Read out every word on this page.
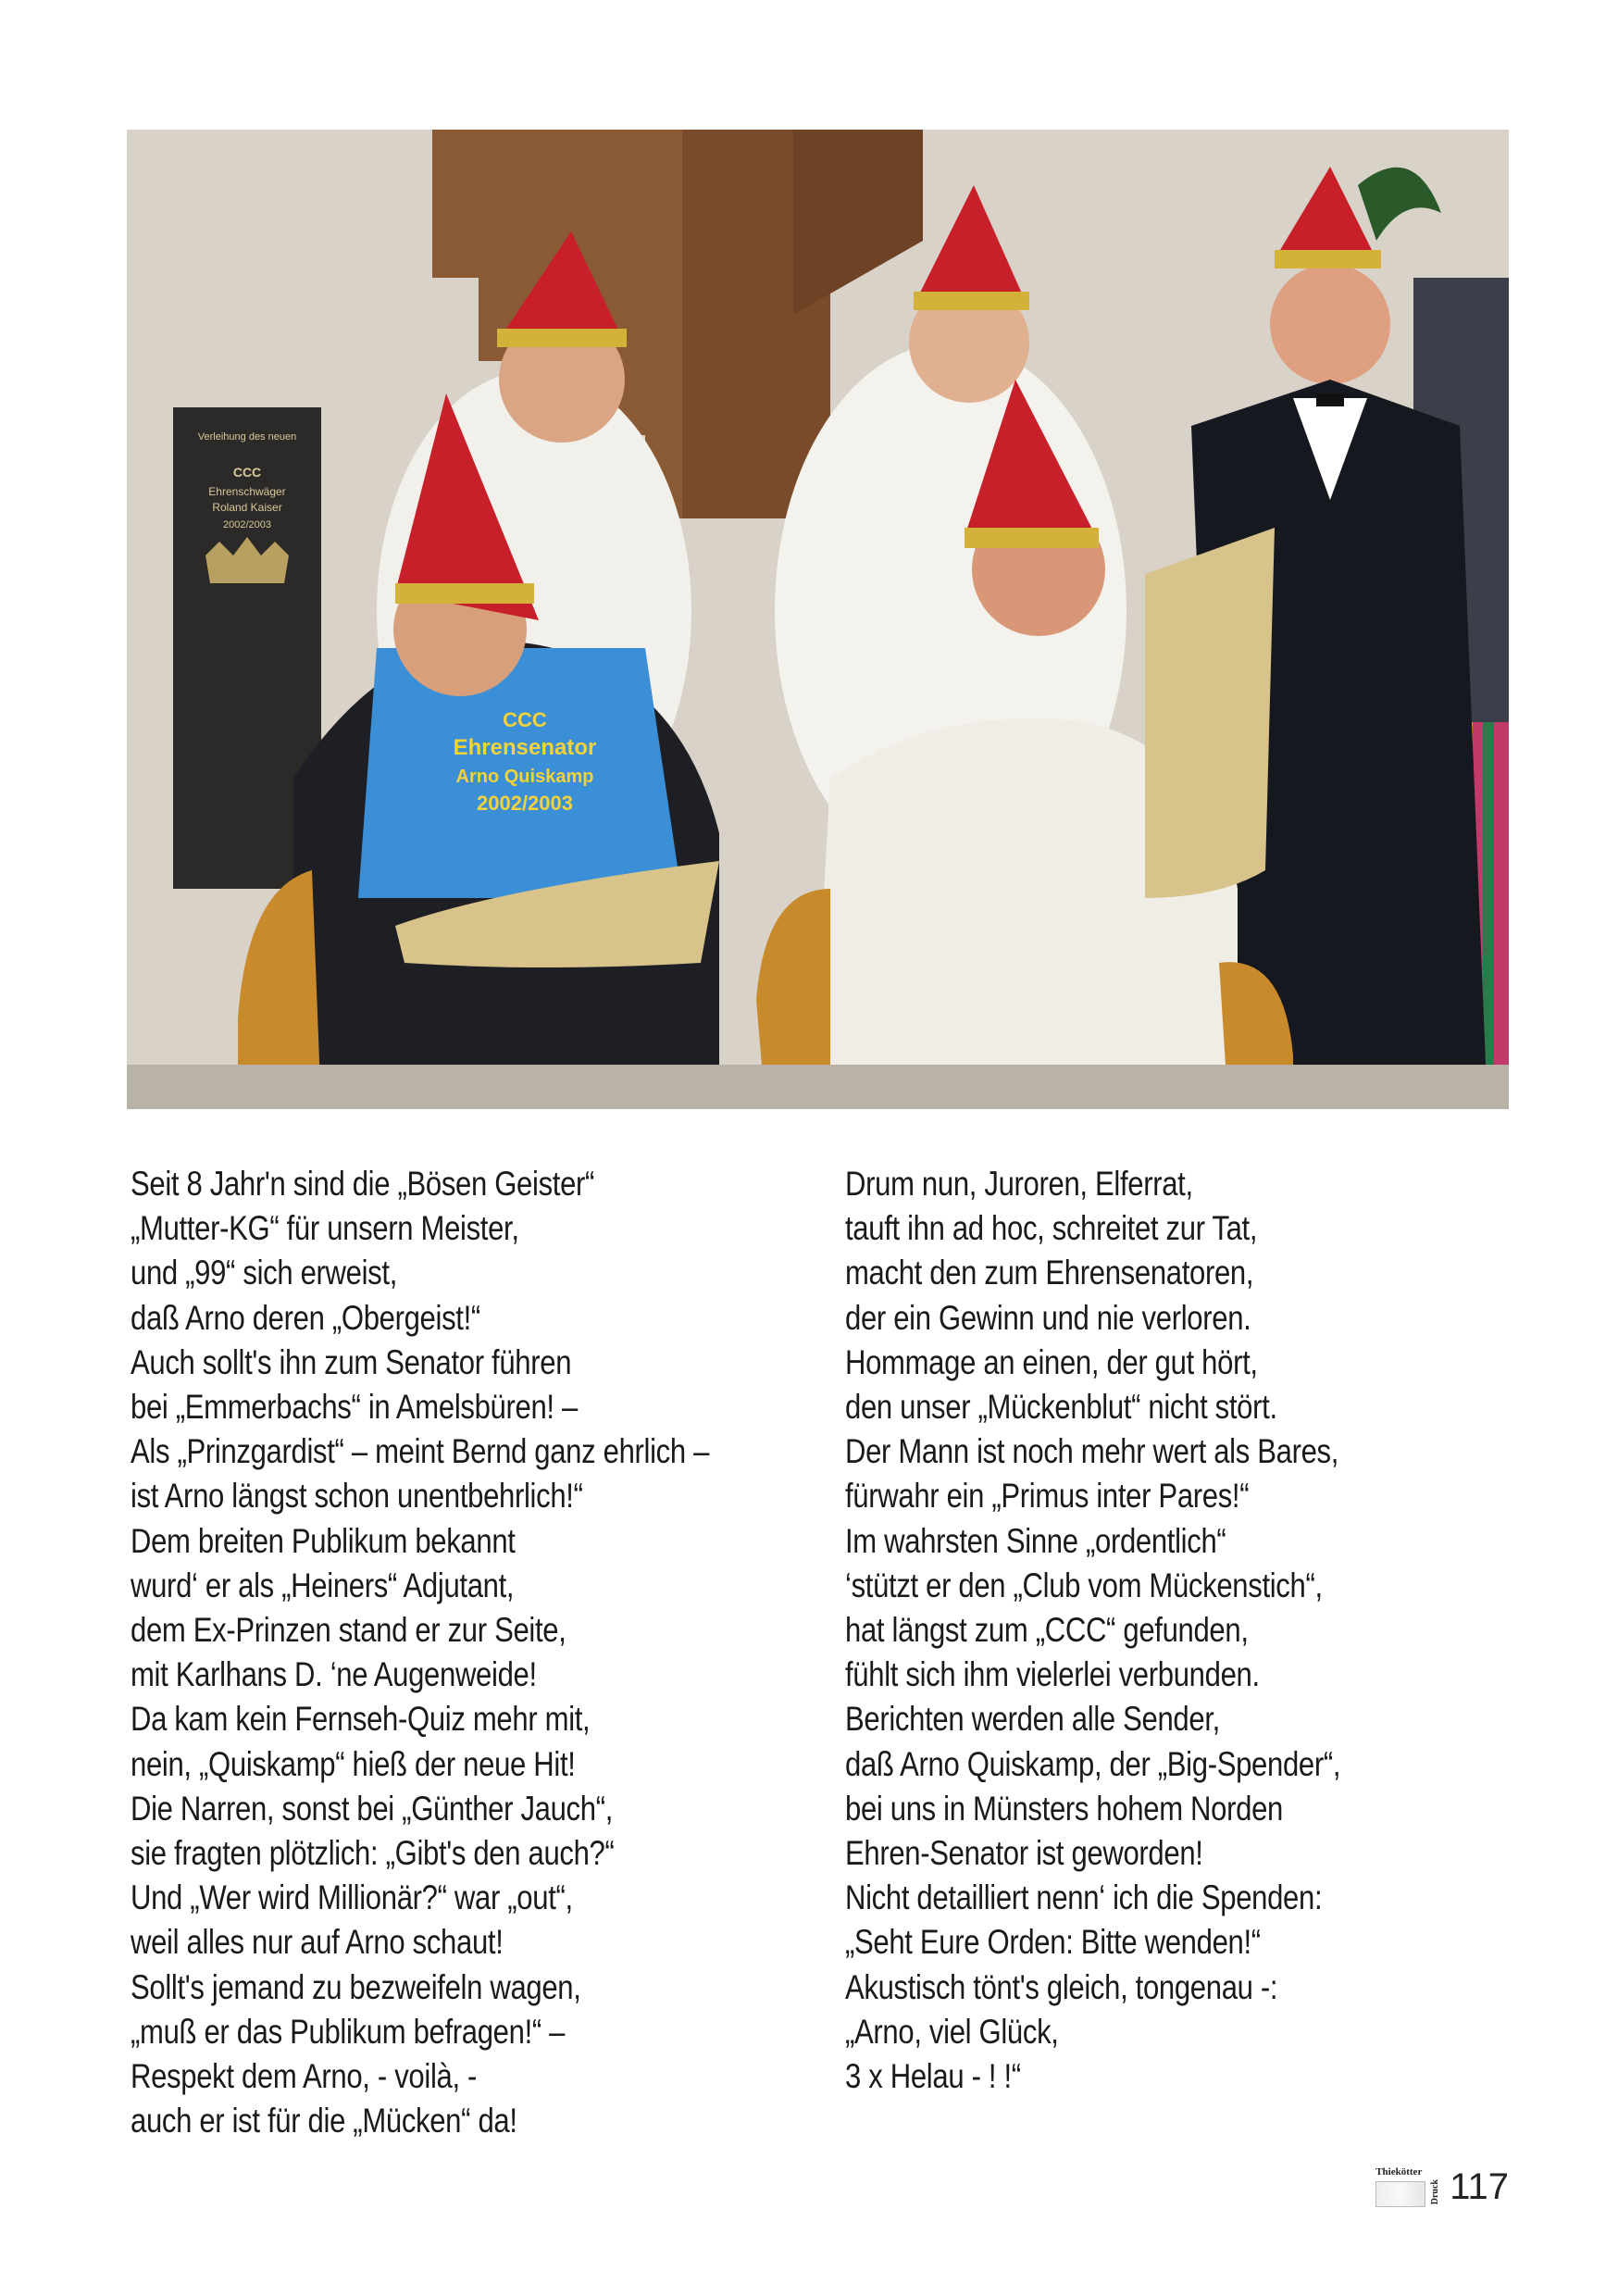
Verleihung des neuen
CCC
Ehrenschwäger
Roland Kaiser
2002/2003
CCC
Ehrensenator
Arno Quiskamp
2002/2003
Seit 8 Jahr'n sind die „Bösen Geister“
„Mutter-KG“ für unsern Meister,
und „99“ sich erweist,
daß Arno deren „Obergeist!“
Auch sollt's ihn zum Senator führen
bei „Emmerbachs“ in Amelsbüren! –
Als „Prinzgardist“ – meint Bernd ganz ehrlich –
ist Arno längst schon unentbehrlich!“
Dem breiten Publikum bekannt
wurd‘ er als „Heiners“ Adjutant,
dem Ex-Prinzen stand er zur Seite,
mit Karlhans D. ‘ne Augenweide!
Da kam kein Fernseh-Quiz mehr mit,
nein, „Quiskamp“ hieß der neue Hit!
Die Narren, sonst bei „Günther Jauch“,
sie fragten plötzlich: „Gibt's den auch?“
Und „Wer wird Millionär?“ war „out“,
weil alles nur auf Arno schaut!
Sollt's jemand zu bezweifeln wagen,
„muß er das Publikum befragen!“ –
Respekt dem Arno, - voilà, -
auch er ist für die „Mücken“ da!
Drum nun, Juroren, Elferrat,
tauft ihn ad hoc, schreitet zur Tat,
macht den zum Ehrensenatoren,
der ein Gewinn und nie verloren.
Hommage an einen, der gut hört,
den unser „Mückenblut“ nicht stört.
Der Mann ist noch mehr wert als Bares,
fürwahr ein „Primus inter Pares!“
Im wahrsten Sinne „ordentlich“
‘stützt er den „Club vom Mückenstich“,
hat längst zum „CCC“ gefunden,
fühlt sich ihm vielerlei verbunden.
Berichten werden alle Sender,
daß Arno Quiskamp, der „Big-Spender“,
bei uns in Münsters hohem Norden
Ehren-Senator ist geworden!
Nicht detailliert nenn‘ ich die Spenden:
„Seht Eure Orden: Bitte wenden!“
Akustisch tönt's gleich, tongenau -:
„Arno, viel Glück,
3 x Helau - ! !“
Thiekötter
Druck 117
